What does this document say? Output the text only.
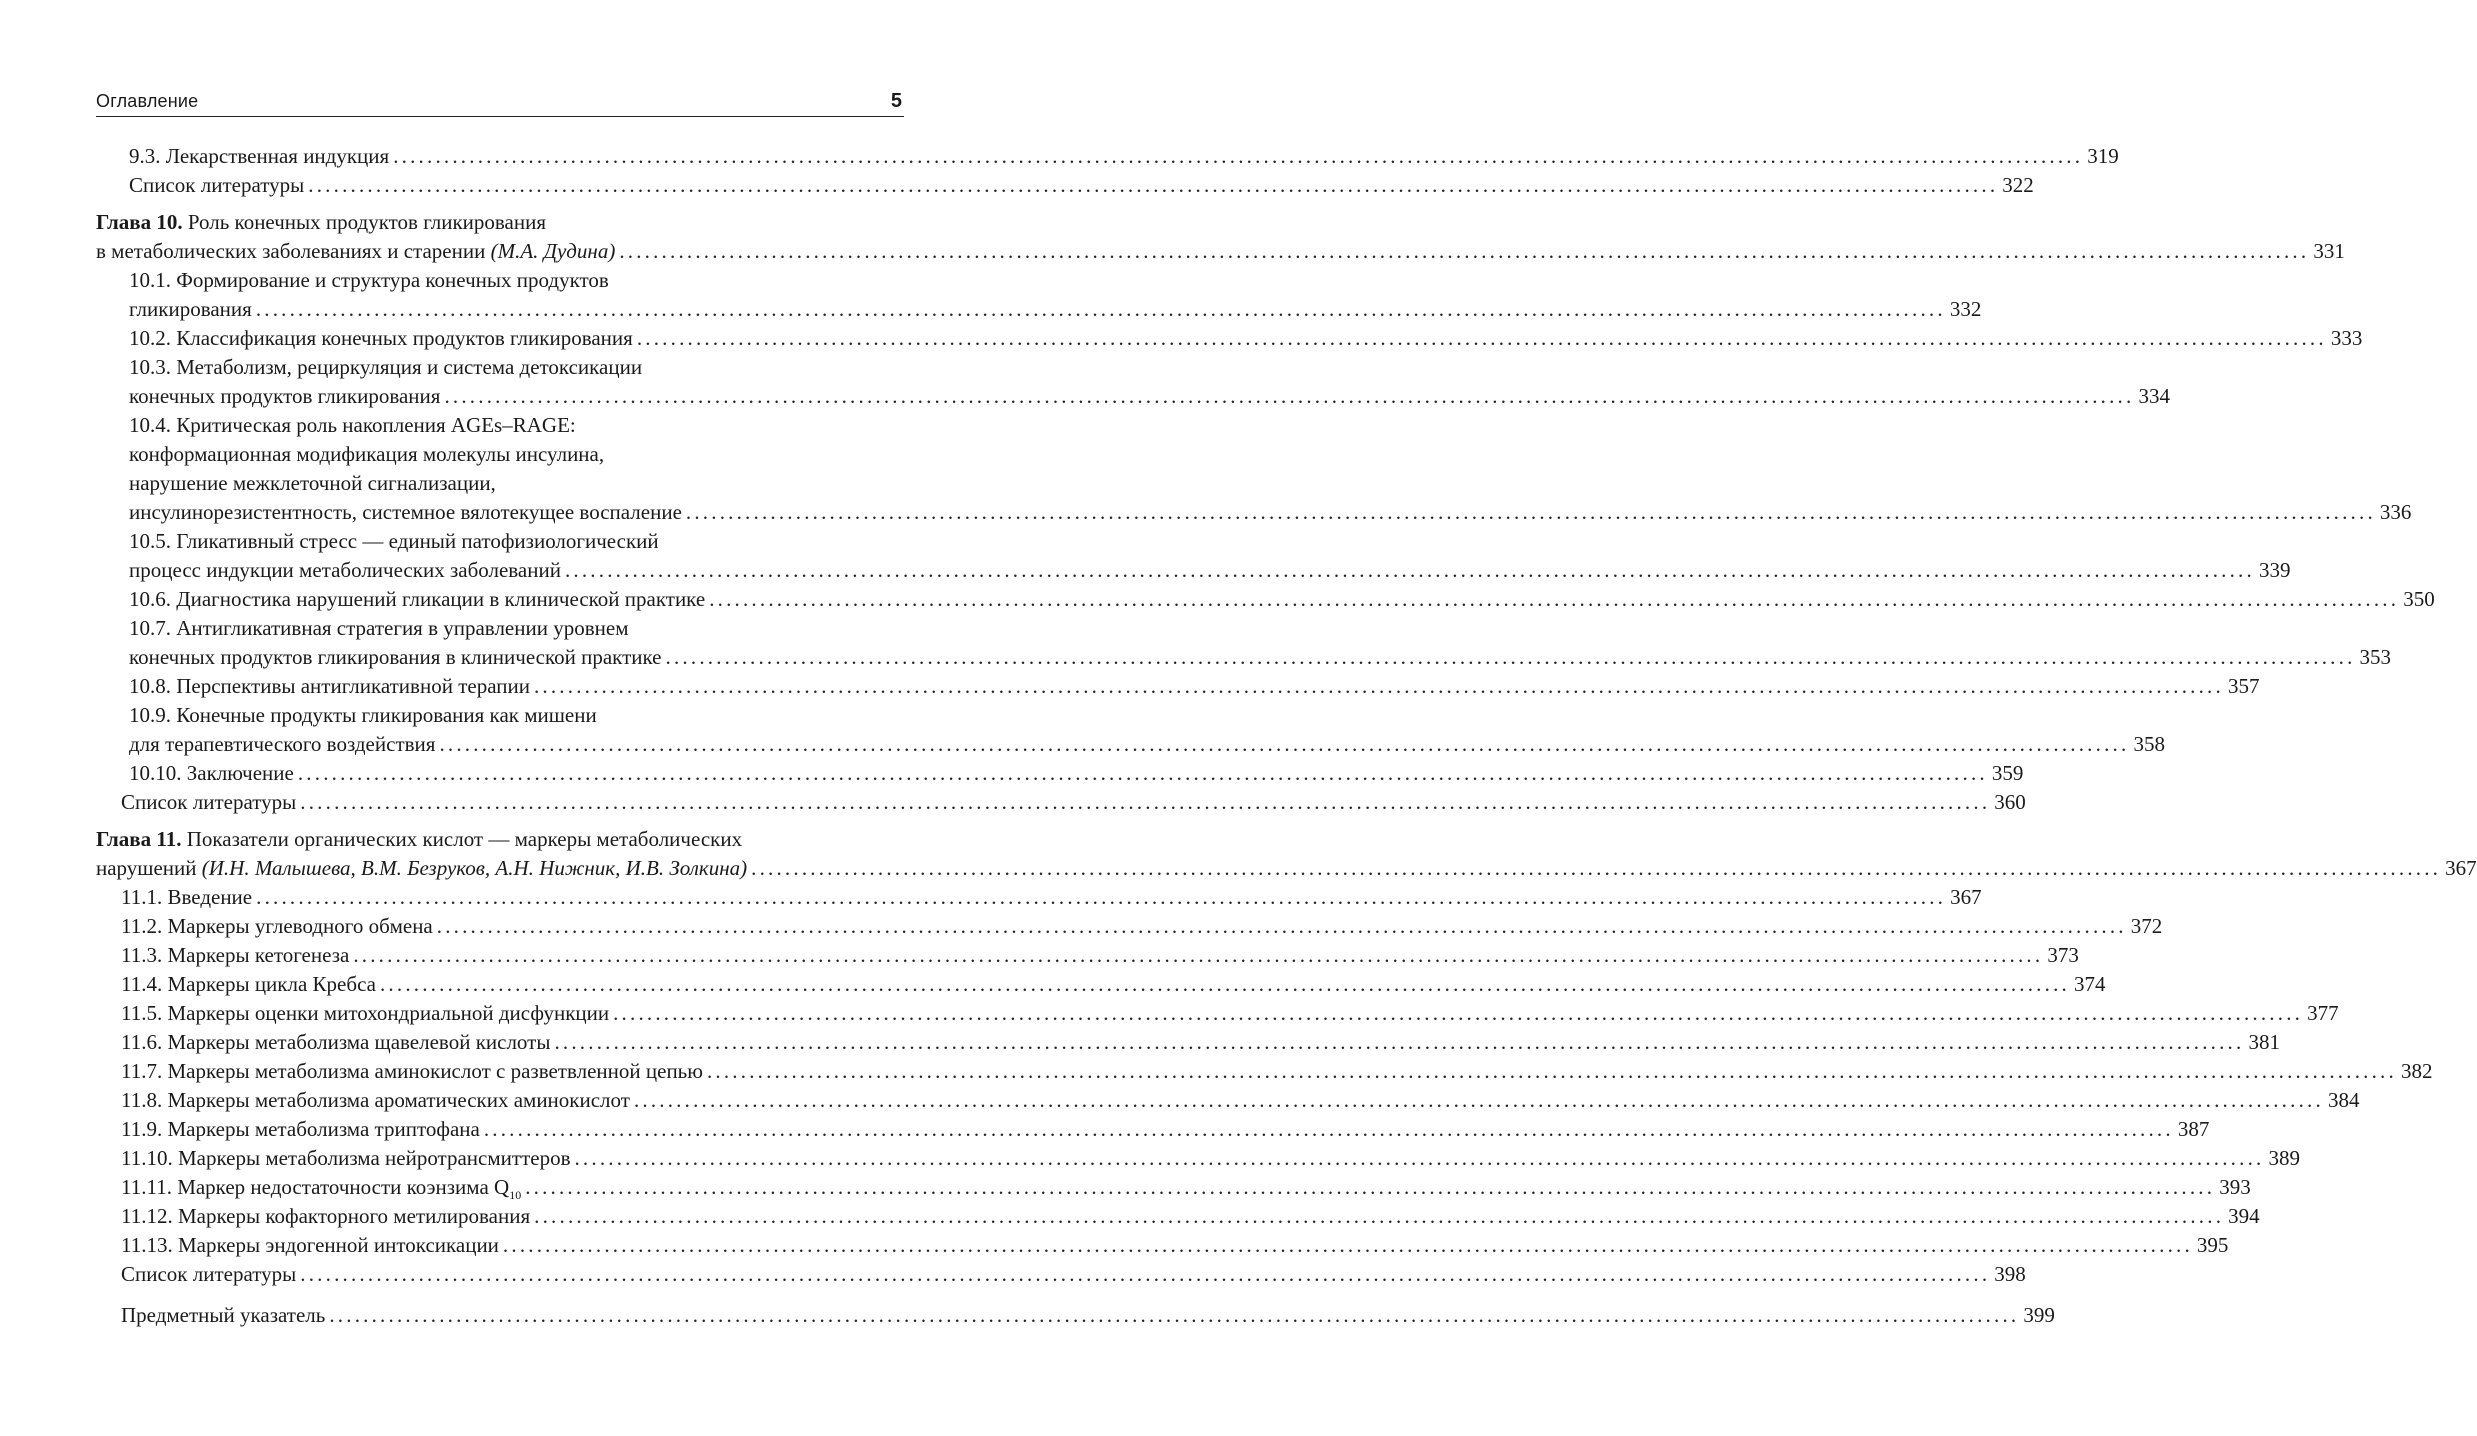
Оглавление	5
9.3. Лекарственная индукция ........................................................................................................................................................................................................ 319
Список литературы ........................................................................................................................................................................................................ 322
Глава 10. Роль конечных продуктов гликирования
в метаболических заболеваниях и старении (М.А. Дудина) ........................................................................................................................................................................................................ 331
10.1. Формирование и структура конечных продуктов
гликирования ........................................................................................................................................................................................................ 332
10.2. Классификация конечных продуктов гликирования ........................................................................................................................................................................................................ 333
10.3. Метаболизм, рециркуляция и система детоксикации
конечных продуктов гликирования ........................................................................................................................................................................................................ 334
10.4. Критическая роль накопления AGEs–RAGE:
конформационная модификация молекулы инсулина,
нарушение межклеточной сигнализации,
инсулинорезистентность, системное вялотекущее воспаление ........................................................................................................................................................................................................ 336
10.5. Гликативный стресс — единый патофизиологический
процесс индукции метаболических заболеваний ........................................................................................................................................................................................................ 339
10.6. Диагностика нарушений гликации в клинической практике ........................................................................................................................................................................................................ 350
10.7. Антигликативная стратегия в управлении уровнем
конечных продуктов гликирования в клинической практике ........................................................................................................................................................................................................ 353
10.8. Перспективы антигликативной терапии ........................................................................................................................................................................................................ 357
10.9. Конечные продукты гликирования как мишени
для терапевтического воздействия ........................................................................................................................................................................................................ 358
10.10. Заключение ........................................................................................................................................................................................................ 359
Список литературы ........................................................................................................................................................................................................ 360
Глава 11. Показатели органических кислот — маркеры метаболических
нарушений (И.Н. Малышева, В.М. Безруков, А.Н. Нижник, И.В. Золкина) ........................................................................................................................................................................................................ 367
11.1. Введение ........................................................................................................................................................................................................ 367
11.2. Маркеры углеводного обмена ........................................................................................................................................................................................................ 372
11.3. Маркеры кетогенеза ........................................................................................................................................................................................................ 373
11.4. Маркеры цикла Кребса ........................................................................................................................................................................................................ 374
11.5. Маркеры оценки митохондриальной дисфункции ........................................................................................................................................................................................................ 377
11.6. Маркеры метаболизма щавелевой кислоты ........................................................................................................................................................................................................ 381
11.7. Маркеры метаболизма аминокислот с разветвленной цепью ........................................................................................................................................................................................................ 382
11.8. Маркеры метаболизма ароматических аминокислот ........................................................................................................................................................................................................ 384
11.9. Маркеры метаболизма триптофана ........................................................................................................................................................................................................ 387
11.10. Маркеры метаболизма нейротрансмиттеров ........................................................................................................................................................................................................ 389
11.11. Маркер недостаточности коэнзима $Q_{10}$ ........................................................................................................................................................................................................ 393
11.12. Маркеры кофакторного метилирования ........................................................................................................................................................................................................ 394
11.13. Маркеры эндогенной интоксикации ........................................................................................................................................................................................................ 395
Список литературы ........................................................................................................................................................................................................ 398
Предметный указатель ........................................................................................................................................................................................................ 399
